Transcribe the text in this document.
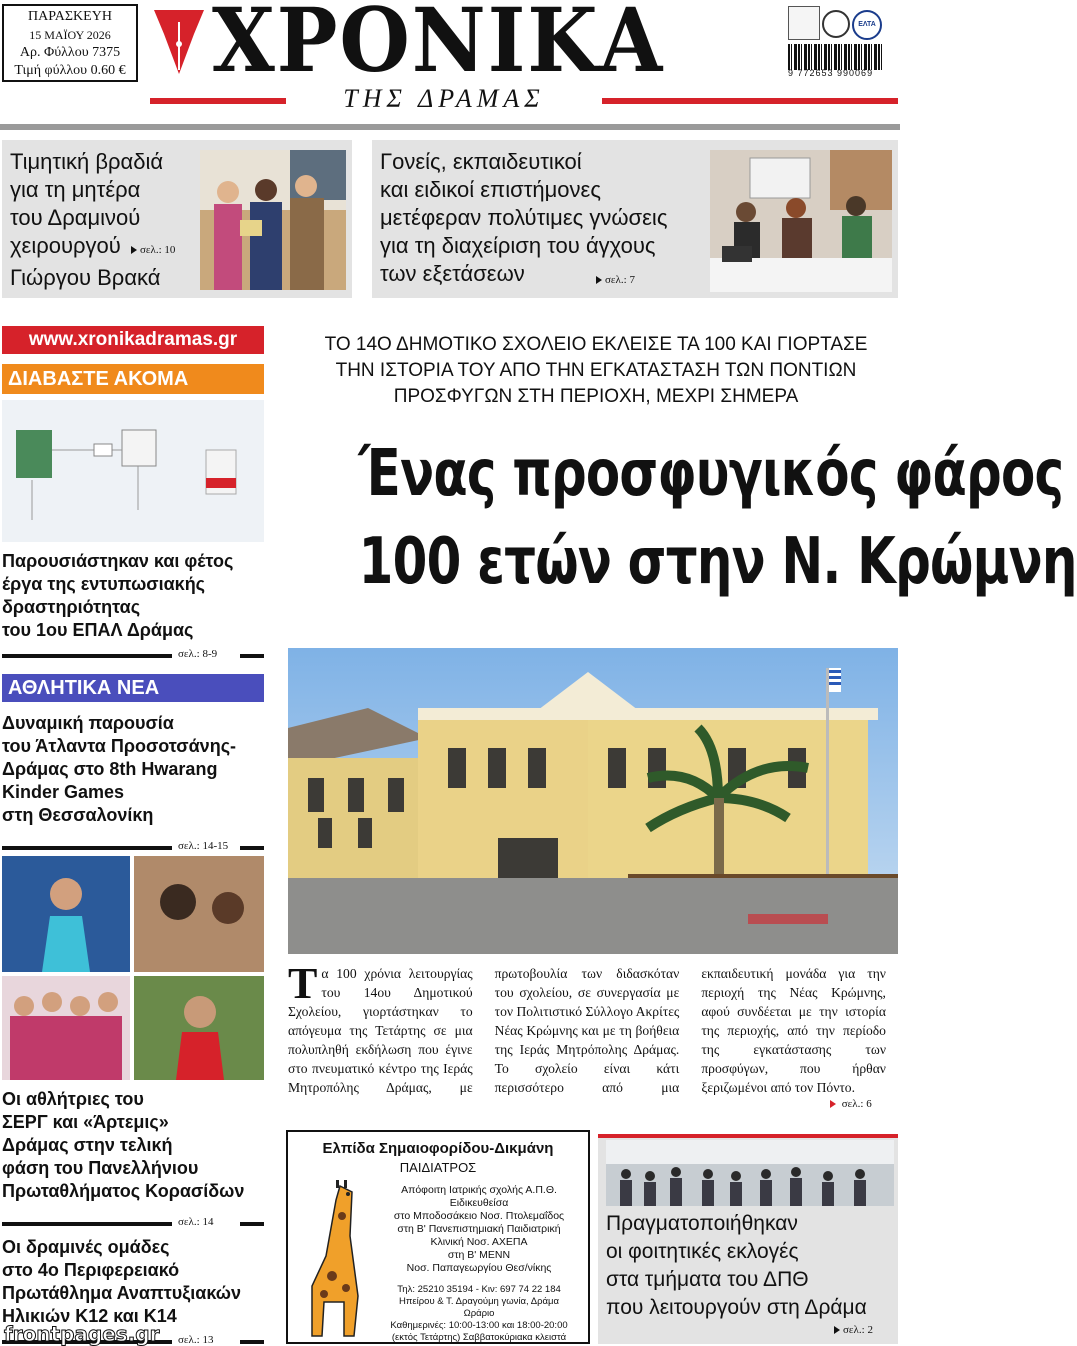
ΠΑΡΑΣΚΕΥΗ
15 ΜΑΪΟΥ 2026
Αρ. Φύλλου 7375
Τιμή φύλλου 0.60 € ΧΡΟΝΙΚΑ
ΤΗΣ ΔΡΑΜΑΣ
ΕΛΤΑ
9 772653 990069
Τιμητική βραδιά
για τη μητέρα
του Δραμινού
χειρουργού σελ.: 10
Γιώργου Βρακά
Γονείς, εκπαιδευτικοί
και ειδικοί επιστήμονες
μετέφεραν πολύτιμες γνώσεις
για τη διαχείριση του άγχους
των εξετάσεων	σελ.: 7
www.xronikadramas.gr
ΔΙΑΒΑΣΤΕ ΑΚΟΜΑ
Παρουσιάστηκαν και φέτος
έργα της εντυπωσιακής
δραστηριότητας
του 1ου ΕΠΑΛ Δράμας
σελ.: 8-9
ΑΘΛΗΤΙΚΑ ΝΕΑ
Δυναμική παρουσία
του Άτλαντα Προσοτσάνης-
Δράμας στο 8th Hwarang
Kinder Games
στη Θεσσαλονίκη
σελ.: 14-15
Οι αθλήτριες του
ΣΕΡΓ και «Άρτεμις»
Δράμας στην τελική
φάση του Πανελλήνιου
Πρωταθλήματος Κορασίδων
σελ.: 14
Οι δραμινές ομάδες
στο 4ο Περιφερειακό
Πρωτάθλημα Αναπτυξιακών
Ηλικιών Κ12 και Κ14
σελ.: 13
ΤΟ 14Ο ΔΗΜΟΤΙΚΟ ΣΧΟΛΕΙΟ ΕΚΛΕΙΣΕ ΤΑ 100 ΚΑΙ ΓΙΟΡΤΑΣΕ
ΤΗΝ ΙΣΤΟΡΙΑ ΤΟΥ ΑΠΟ ΤΗΝ ΕΓΚΑΤΑΣΤΑΣΗ ΤΩΝ ΠΟΝΤΙΩΝ
ΠΡΟΣΦΥΓΩΝ ΣΤΗ ΠΕΡΙΟΧΗ, ΜΕΧΡΙ ΣΗΜΕΡΑ
Ένας προσφυγικός φάρος
100 ετών στην Ν. Κρώμνη
Τα 100 χρόνια λειτουργίας του 14ου Δημοτικού Σχολείου, γιορτάστηκαν το απόγευμα της Τετάρτης σε μια πολυπληθή εκδήλωση που έγινε στο πνευματικό κέντρο της Ιεράς Μητροπόλης Δράμας, με πρωτοβουλία των διδασκόταν του σχολείου, σε συνεργασία με τον Πολιτιστικό Σύλλογο Ακρίτες Νέας Κρώμνης και με τη βοήθεια της Ιεράς Μητρόπολης Δράμας. Το σχολείο είναι κάτι περισσότερο από μια εκπαιδευτική μονάδα για την περιοχή της Νέας Κρώμνης, αφού συνδέεται με την ιστορία της περιοχής, από την περίοδο της εγκατάστασης των προσφύγων, που ήρθαν ξεριζωμένοι από τον Πόντο.
σελ.: 6
Ελπίδα Σημαιοφορίδου-Δικμάνη
ΠΑΙΔΙΑΤΡΟΣ
Απόφοιτη Ιατρικής σχολής Α.Π.Θ.
Ειδικευθείσα
στο Μποδοσάκειο Νοσ. Πτολεμαΐδος
στη Β' Πανεπιστημιακή Παιδιατρική
Κλινική Νοσ. ΑΧΕΠΑ
στη Β' ΜΕΝΝ
Νοσ. Παπαγεωργίου Θεσ/νίκης
Τηλ: 25210 35194 - Κιν: 697 74 22 184
Ηπείρου & Τ. Δραγούμη γωνία, Δράμα
Ωράριο
Καθημερινές: 10:00-13:00 και 18:00-20:00
(εκτός Τετάρτης) Σαββατοκύριακα κλειστά
Πραγματοποιήθηκαν
οι φοιτητικές εκλογές
στα τμήματα του ΔΠΘ
που λειτουργούν στη Δράμα
σελ.: 2
frontpages.gr
